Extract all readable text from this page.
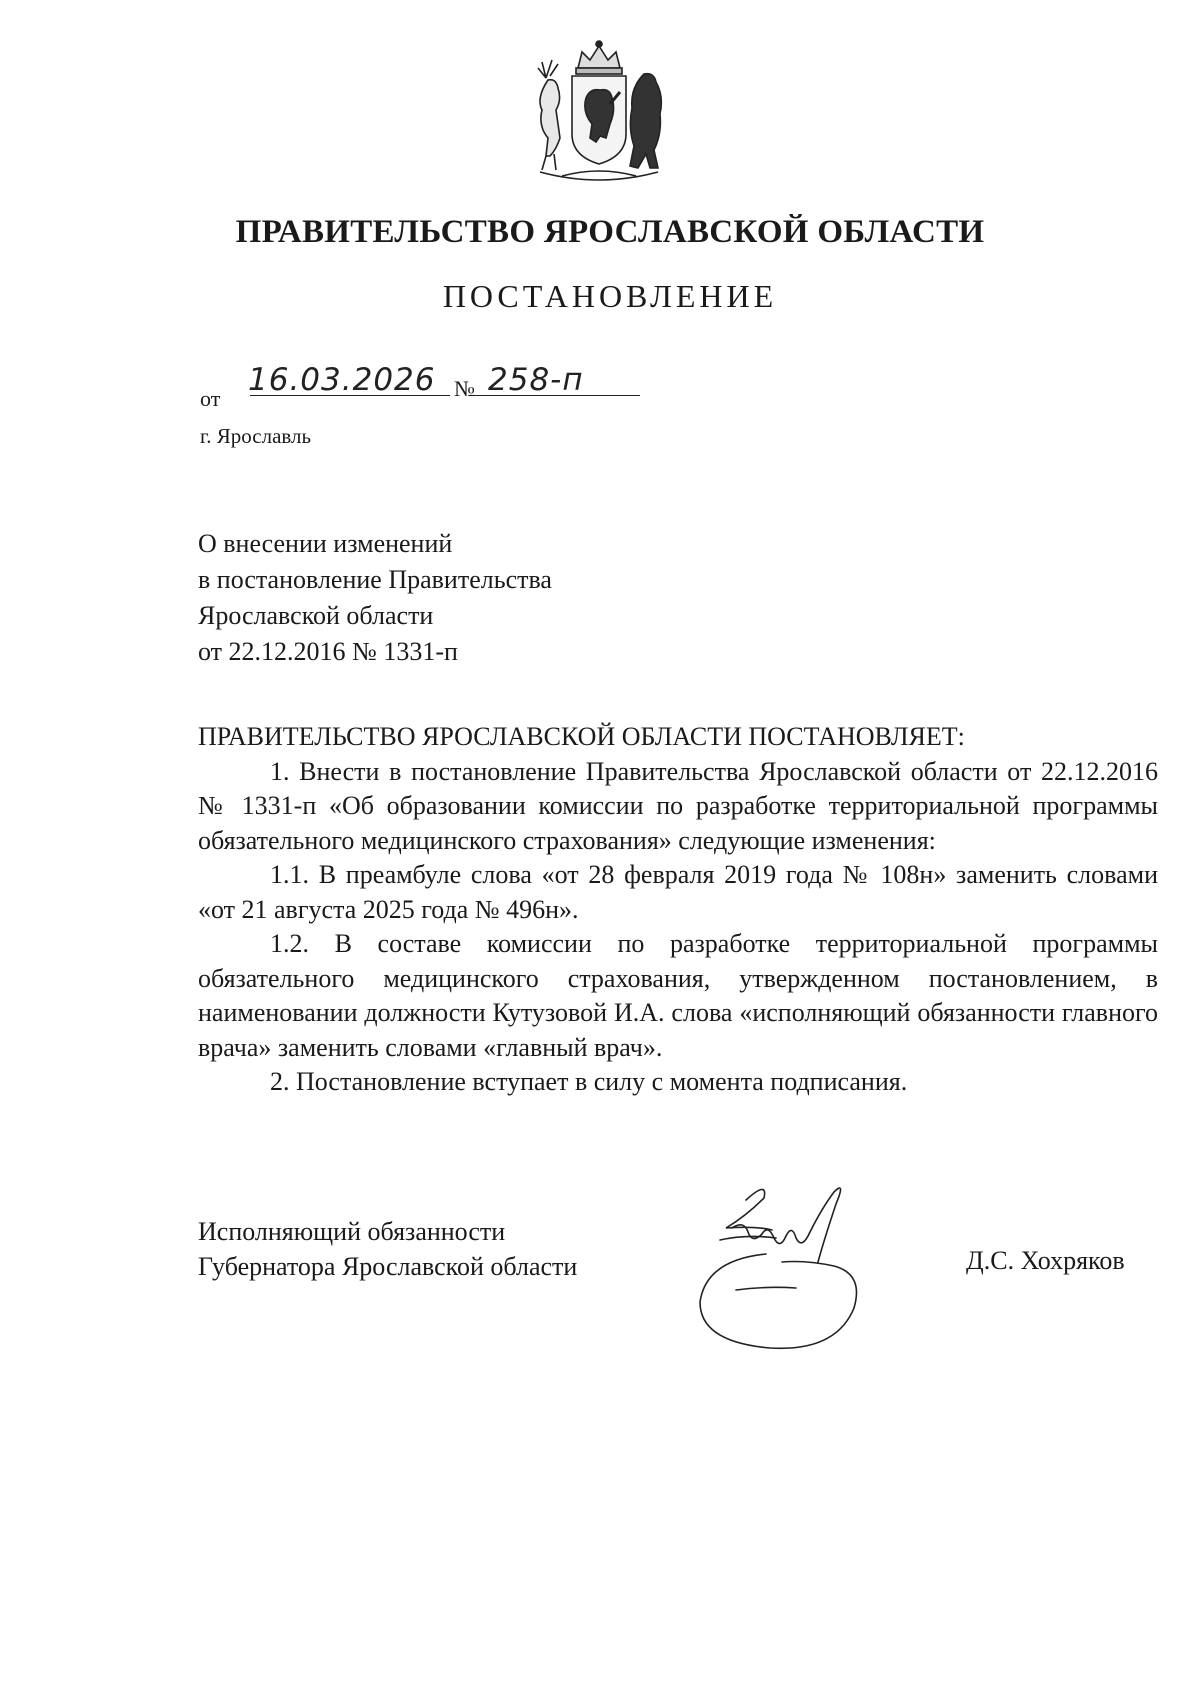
ПРАВИТЕЛЬСТВО ЯРОСЛАВСКОЙ ОБЛАСТИ
ПОСТАНОВЛЕНИЕ
от
16.03.2026 № 258-п
г. Ярославль
О внесении изменений
в постановление Правительства
Ярославской области
от 22.12.2016 № 1331-п

ПРАВИТЕЛЬСТВО ЯРОСЛАВСКОЙ ОБЛАСТИ ПОСТАНОВЛЯЕТ:

1. Внести в постановление Правительства Ярославской области от 22.12.2016 № 1331-п «Об образовании комиссии по разработке территориальной программы обязательного медицинского страхования» следующие изменения:

1.1. В преамбуле слова «от 28 февраля 2019 года № 108н» заменить словами «от 21 августа 2025 года № 496н».

1.2. В составе комиссии по разработке территориальной программы обязательного медицинского страхования, утвержденном постановлением, в наименовании должности Кутузовой И.А. слова «исполняющий обязанности главного врача» заменить словами «главный врач».

2. Постановление вступает в силу с момента подписания.

Исполняющий обязанности
Губернатора Ярославской области	Д.С. Хохряков
